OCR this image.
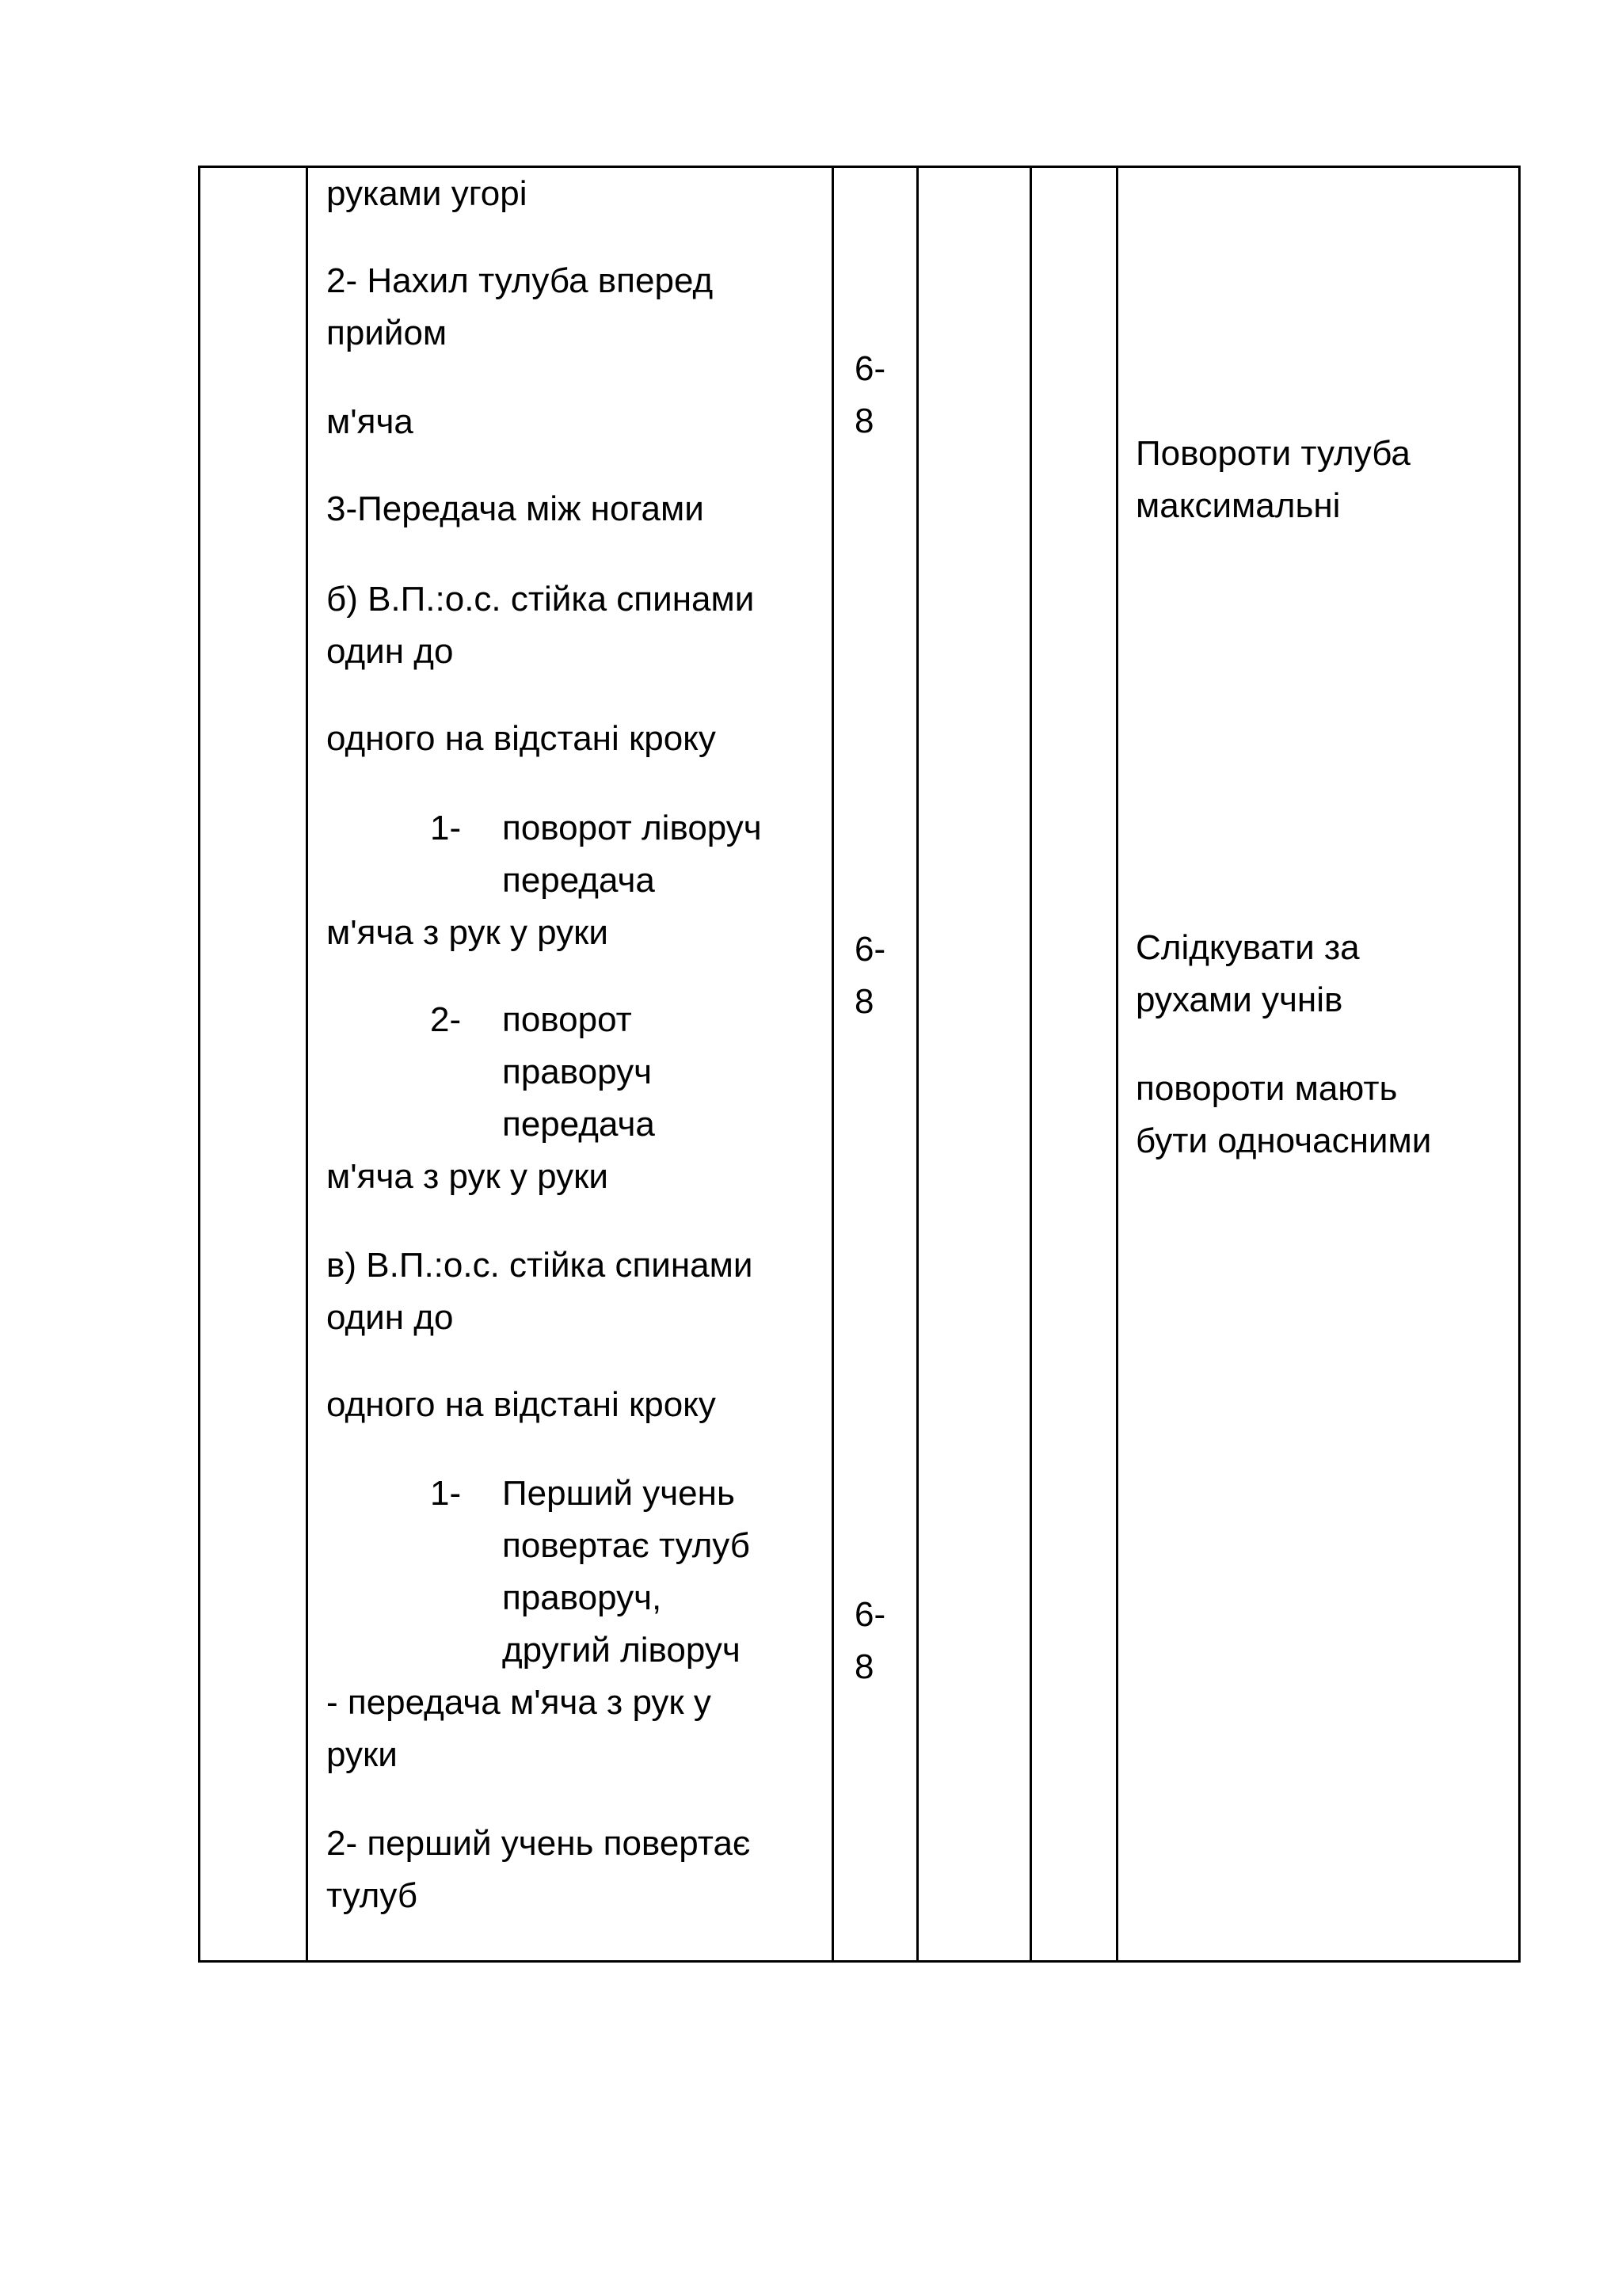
руками угорі
2- Нахил тулуба вперед
прийом
м'яча
3-Передача між ногами
б) В.П.:о.с. стійка спинами
один до
одного на відстані кроку
1- поворот ліворуч
передача
м'яча з рук у руки
2- поворот
праворуч
передача
м'яча з рук у руки
в) В.П.:о.с. стійка спинами
один до
одного на відстані кроку
1- Перший учень
повертає тулуб
праворуч,
другий ліворуч
- передача м'яча з рук у
руки
2- перший учень повертає
тулуб
6-
8
6-
8
6-
8
Повороти тулуба
максимальні
Слідкувати за
рухами учнів
повороти мають
бути одночасними
